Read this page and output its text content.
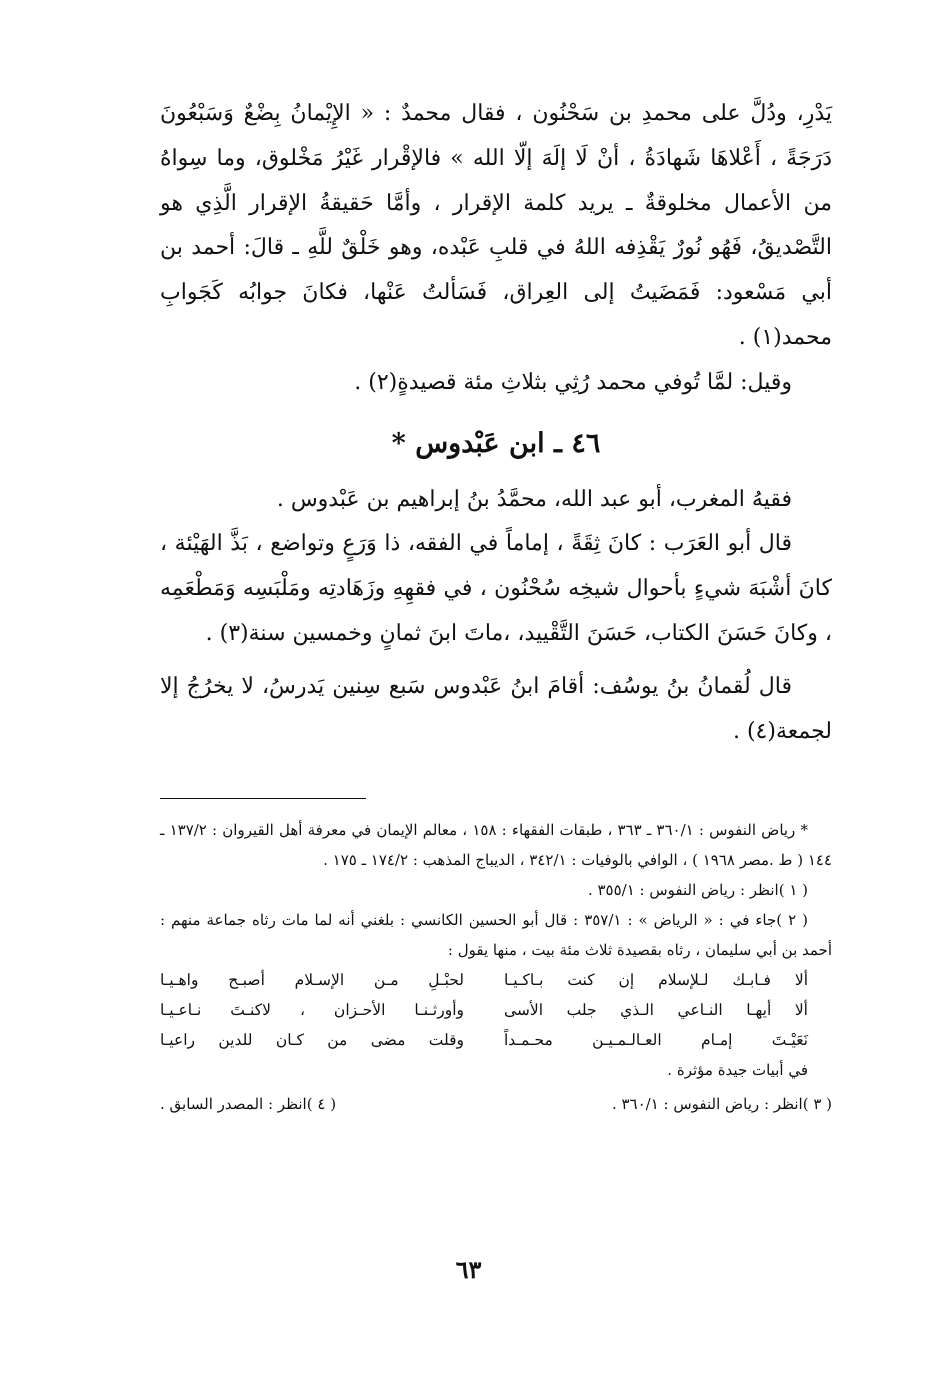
يَدْرِ، ودُلَّ على محمدِ بن سَحْنُون ، فقال محمدٌ : « الإِيْمانُ بِضْعٌ وَسَبْعُونَ دَرَجَةً ، أَعْلاهَا شَهادَةُ ، أنْ لَا إلَهَ إلّا الله » فالإقْرار غَيْرُ مَخْلوق، وما سِواهُ من الأعمال مخلوقةٌ ـ يريد كلمة الإقرار ، وأمَّا حَقيقةُ الإقرار الَّذِي هو التَّصْديقُ، فَهُو نُورٌ يَقْذِفه اللهُ في قلبِ عَبْده، وهو خَلْقٌ للَّهِ ـ قالَ: أحمد بن أبي مَسْعود: فَمَضَيتُ إلى العِراق، فَسَألتُ عَنْها، فكانَ جوابُه كَجَوابِ محمد(١) .

وقيل: لمَّا تُوفي محمد رُثِي بثلاثِ مئة قصيدةٍ(٢) .

٤٦ ـ ابن عَبْدوس *

فقيهُ المغرب، أبو عبد الله، محمَّدُ بنُ إبراهيم بن عَبْدوس .

قال أبو العَرَب : كانَ ثِقَةً ، إماماً في الفقه، ذا وَرَعٍ وتواضع ، بَذَّ الهَيْئة ، كانَ أشْبَهَ شيءٍ بأحوال شيخِه سُحْنُون ، في فقهِهِ وزَهَادتِه ومَلْبَسِه وَمَطْعَمِه ، وكانَ حَسَنَ الكتاب، حَسَنَ التَّقْييد، ،ماتَ ابنَ ثمانٍ وخمسين سنة(٣) .

قال لُقمانُ بنُ يوسُف: أقامَ ابنُ عَبْدوس سَبع سِنين يَدرسُ، لا يخرُجُ إلا لجمعة(٤) .

* رياض النفوس : ٣٦٠/١ ـ ٣٦٣ ، طبقات الفقهاء : ١٥٨ ، معالم الإيمان في معرفة أهل القيروان : ١٣٧/٢ ـ ١٤٤ ( ط .مصر ١٩٦٨ ) ، الوافي بالوفيات : ٣٤٢/١ ، الديباج المذهب : ١٧٤/٢ ـ ١٧٥ .

( ١ )انظر : رياض النفوس : ٣٥٥/١ .

( ٢ )جاء في : « الرياض » : ٣٥٧/١ : قال أبو الحسين الكانسي : بلغني أنه لما مات رثاه جماعة منهم : أحمد بن أبي سليمان ، رثاه بقصيدة ثلاث مئة بيت ، منها يقول :

ألا فـابـك لـلإسلام إن كنت بـاكـيـا
لحبْـلِ مـن الإسـلام أصبـح واهـيـا
ألا أيهـا النـاعي الـذي جلب الأسى
وأورثـنـا الأحـزان ، لاكنـتَ نـاعـيـا
نَعَيْـتَ إمـام العـالـمـيـن محـمـداً
وقلت مضى من كـان للدين راعيـا

في أبيات جيدة مؤثرة .

( ٣ )انظر : رياض النفوس : ٣٦٠/١ .
( ٤ )انظر : المصدر السابق .
٦٣
